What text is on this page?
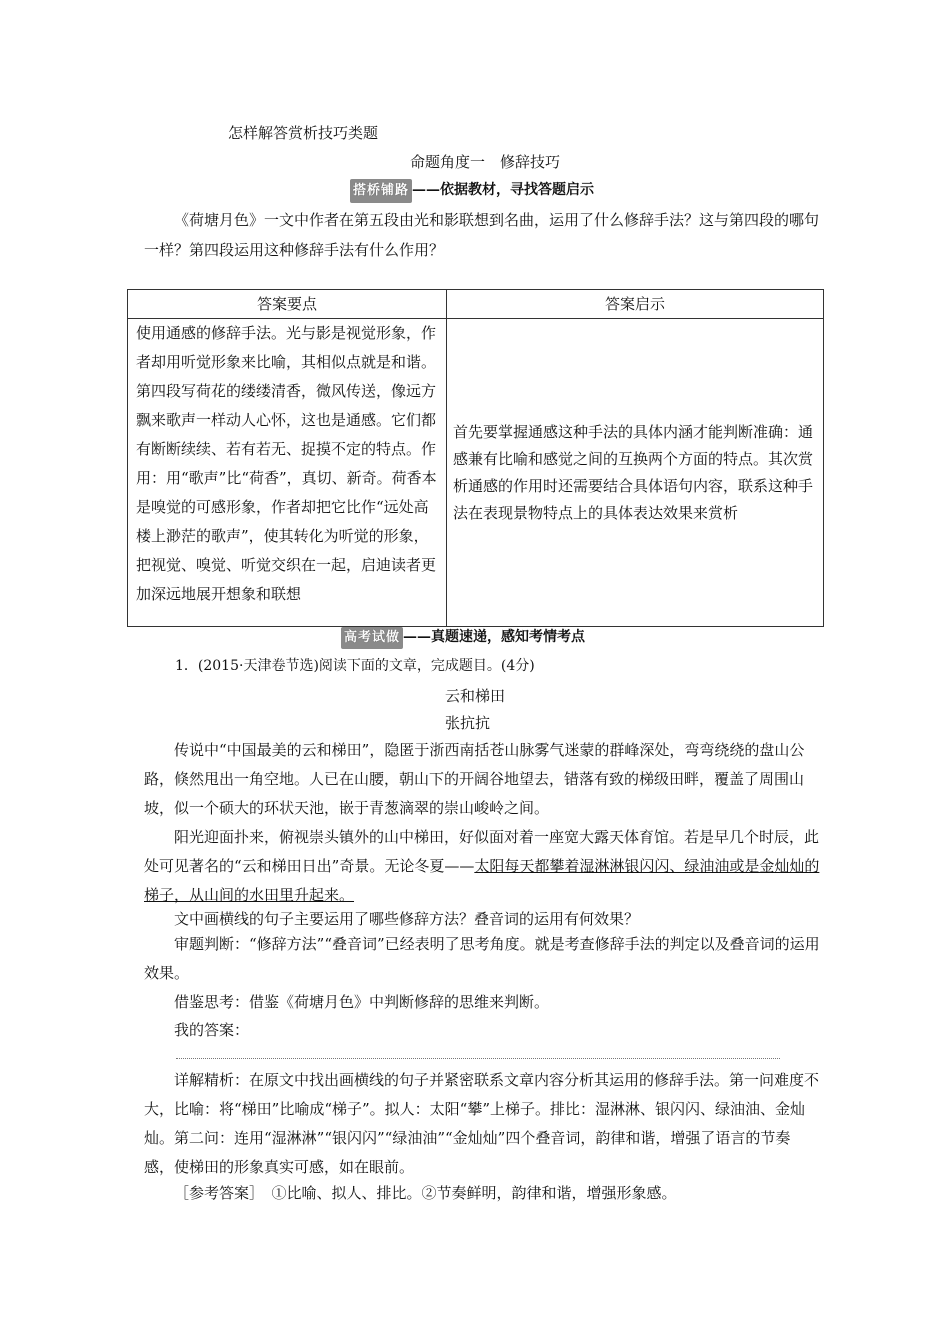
怎样解答赏析技巧类题
命题角度一　修辞技巧
搭桥铺路 ——依据教材，寻找答题启示
《荷塘月色》一文中作者在第五段由光和影联想到名曲，运用了什么修辞手法？这与第四段的哪句一样？第四段运用这种修辞手法有什么作用？
答案要点	答案启示
使用通感的修辞手法。光与影是视觉形象，作者却用听觉形象来比喻，其相似点就是和谐。第四段写荷花的缕缕清香，微风传送，像远方飘来歌声一样动人心怀，这也是通感。它们都有断断续续、若有若无、捉摸不定的特点。作用：用“歌声”比“荷香”，真切、新奇。荷香本是嗅觉的可感形象，作者却把它比作“远处高楼上渺茫的歌声”，使其转化为听觉的形象，把视觉、嗅觉、听觉交织在一起，启迪读者更加深远地展开想象和联想	首先要掌握通感这种手法的具体内涵才能判断准确：通感兼有比喻和感觉之间的互换两个方面的特点。其次赏析通感的作用时还需要结合具体语句内容，联系这种手法在表现景物特点上的具体表达效果来赏析
高考试做 ——真题速递，感知考情考点
1．(2015·天津卷节选)阅读下面的文章，完成题目。(4分)
云和梯田
张抗抗
传说中“中国最美的云和梯田”，隐匿于浙西南括苍山脉雾气迷蒙的群峰深处，弯弯绕绕的盘山公路，倏然甩出一角空地。人已在山腰，朝山下的开阔谷地望去，错落有致的梯级田畔，覆盖了周围山坡，似一个硕大的环状天池，嵌于青葱滴翠的崇山峻岭之间。
阳光迎面扑来，俯视崇头镇外的山中梯田，好似面对着一座宽大露天体育馆。若是早几个时辰，此处可见著名的“云和梯田日出”奇景。无论冬夏——太阳每天都攀着湿淋淋银闪闪、绿油油或是金灿灿的梯子，从山间的水田里升起来。
文中画横线的句子主要运用了哪些修辞方法？叠音词的运用有何效果？
审题判断：“修辞方法”“叠音词”已经表明了思考角度。就是考查修辞手法的判定以及叠音词的运用效果。
借鉴思考：借鉴《荷塘月色》中判断修辞的思维来判断。
我的答案：
详解精析：在原文中找出画横线的句子并紧密联系文章内容分析其运用的修辞手法。第一问难度不大，比喻：将“梯田”比喻成“梯子”。拟人：太阳“攀”上梯子。排比：湿淋淋、银闪闪、绿油油、金灿灿。第二问：连用“湿淋淋”“银闪闪”“绿油油”“金灿灿”四个叠音词，韵律和谐，增强了语言的节奏感，使梯田的形象真实可感，如在眼前。
［参考答案］　①比喻、拟人、排比。②节奏鲜明，韵律和谐，增强形象感。
